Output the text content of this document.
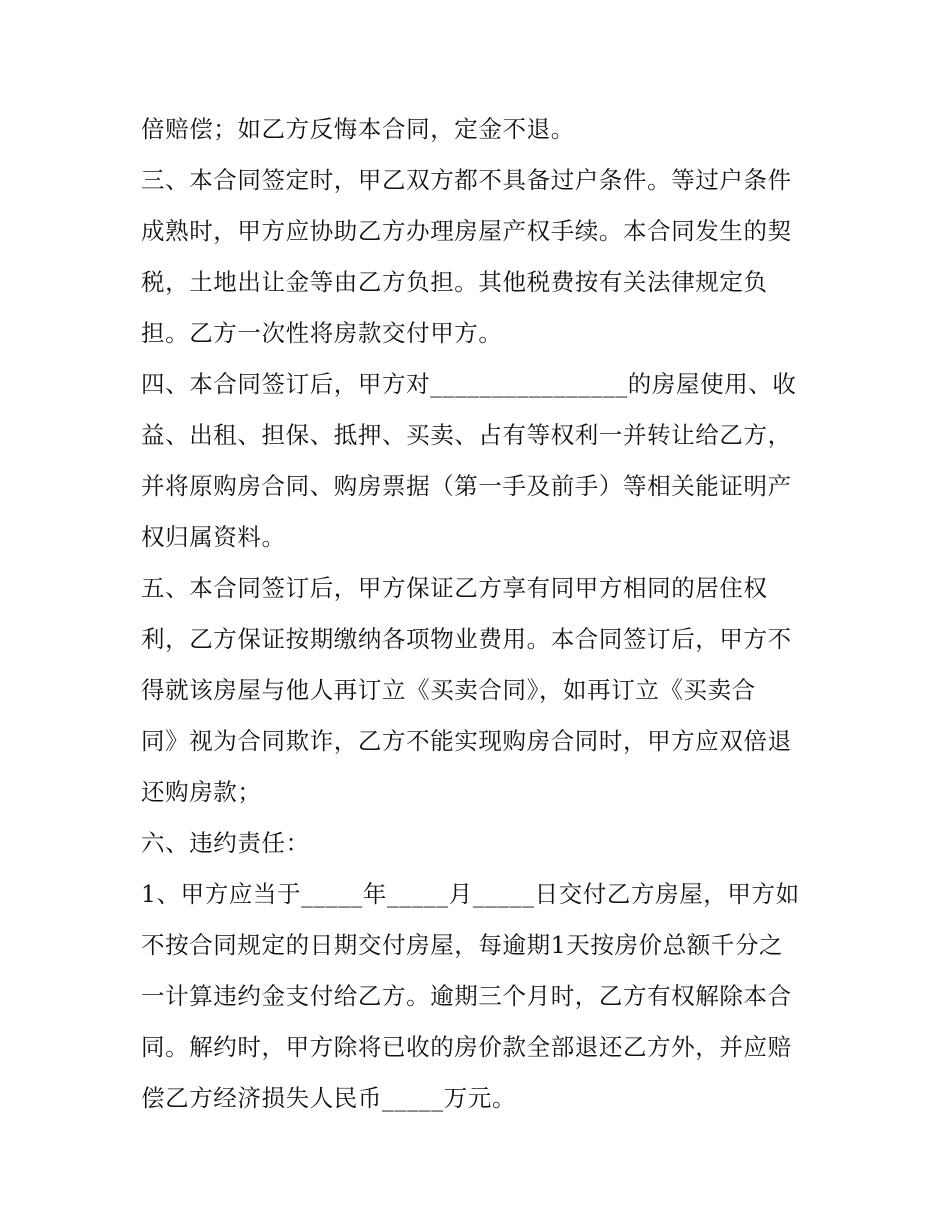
倍赔偿；如乙方反悔本合同，定金不退。
三、本合同签定时，甲乙双方都不具备过户条件。等过户条件
成熟时，甲方应协助乙方办理房屋产权手续。本合同发生的契
税，土地出让金等由乙方负担。其他税费按有关法律规定负
担。乙方一次性将房款交付甲方。
四、本合同签订后，甲方对________________的房屋使用、收
益、出租、担保、抵押、买卖、占有等权利一并转让给乙方，
并将原购房合同、购房票据（第一手及前手）等相关能证明产
权归属资料。
五、本合同签订后，甲方保证乙方享有同甲方相同的居住权
利，乙方保证按期缴纳各项物业费用。本合同签订后，甲方不
得就该房屋与他人再订立《买卖合同》，如再订立《买卖合
同》视为合同欺诈，乙方不能实现购房合同时，甲方应双倍退
还购房款；
六、违约责任：
1、甲方应当于_____年_____月_____日交付乙方房屋，甲方如
不按合同规定的日期交付房屋，每逾期1天按房价总额千分之
一计算违约金支付给乙方。逾期三个月时，乙方有权解除本合
同。解约时，甲方除将已收的房价款全部退还乙方外，并应赔
偿乙方经济损失人民币_____万元。
